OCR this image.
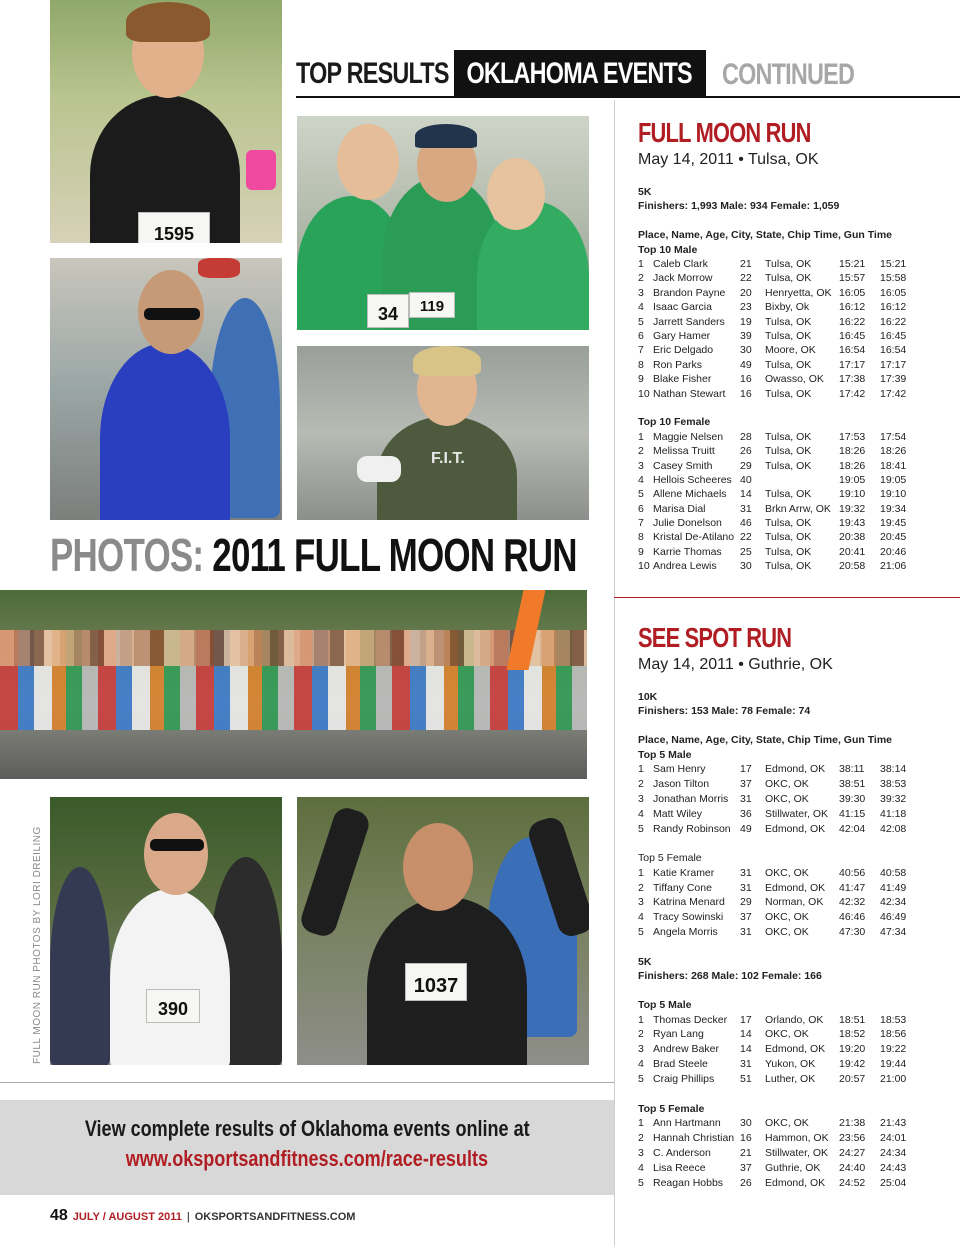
TOP RESULTS OKLAHOMA EVENTS CONTINUED
1595
34	119
F.I.T.
390
1037
PHOTOS: 2011 FULL MOON RUN
FULL MOON RUN PHOTOS BY LORI DREILING
View complete results of Oklahoma events online at
www.oksportsandfitness.com/race-results
48 JULY / AUGUST 2011 | OKSPORTSANDFITNESS.COM
FULL MOON RUN
May 14, 2011 • Tulsa, OK
5K
Finishers: 1,993 Male: 934 Female: 1,059
Place, Name, Age, City, State, Chip Time, Gun Time
Top 10 Male
1 Caleb Clark	21 Tulsa, OK	15:21 15:21
2 Jack Morrow	22 Tulsa, OK	15:57 15:58
3 Brandon Payne 20 Henryetta, OK 16:05 16:05
4 Isaac Garcia	23 Bixby, Ok	16:12 16:12
5 Jarrett Sanders 19 Tulsa, OK	16:22 16:22
6 Gary Hamer	39 Tulsa, OK	16:45 16:45
7 Eric Delgado	30 Moore, OK 16:54 16:54
8 Ron Parks	49 Tulsa, OK	17:17 17:17
9 Blake Fisher	16 Owasso, OK 17:38 17:39
10 Nathan Stewart 16 Tulsa, OK	17:42 17:42
Top 10 Female
1 Maggie Nelsen 28 Tulsa, OK	17:53 17:54
2 Melissa Truitt 26 Tulsa, OK	18:26 18:26
3 Casey Smith	29 Tulsa, OK	18:26 18:41
4 Hellois Scheeres 40	19:05 19:05
5 Allene Michaels 14 Tulsa, OK	19:10 19:10
6 Marisa Dial	31 Brkn Arrw, OK 19:32 19:34
7 Julie Donelson 46 Tulsa, OK	19:43 19:45
8 Kristal De-Atilano 22 Tulsa, OK	20:38 20:45
9 Karrie Thomas 25 Tulsa, OK	20:41 20:46
10 Andrea Lewis 30 Tulsa, OK	20:58 21:06
SEE SPOT RUN
May 14, 2011 • Guthrie, OK
10K
Finishers: 153 Male: 78 Female: 74
Place, Name, Age, City, State, Chip Time, Gun Time
Top 5 Male
1 Sam Henry	17 Edmond, OK 38:11 38:14
2 Jason Tilton	37 OKC, OK	38:51 38:53
3 Jonathan Morris 31 OKC, OK	39:30 39:32
4 Matt Wiley	36 Stillwater, OK 41:15 41:18
5 Randy Robinson 49 Edmond, OK 42:04 42:08
Top 5 Female
1 Katie Kramer 31 OKC, OK	40:56 40:58
2 Tiffany Cone	31 Edmond, OK 41:47 41:49
3 Katrina Menard 29 Norman, OK 42:32 42:34
4 Tracy Sowinski 37 OKC, OK	46:46 46:49
5 Angela Morris 31 OKC, OK	47:30 47:34
5K
Finishers: 268 Male: 102 Female: 166
Top 5 Male
1 Thomas Decker 17 Orlando, OK 18:51 18:53
2 Ryan Lang	14 OKC, OK	18:52 18:56
3 Andrew Baker 14 Edmond, OK 19:20 19:22
4 Brad Steele	31 Yukon, OK 19:42 19:44
5 Craig Phillips 51 Luther, OK 20:57 21:00
Top 5 Female
1 Ann Hartmann 30 OKC, OK	21:38 21:43
2 Hannah Christian 16 Hammon, OK 23:56 24:01
3 C. Anderson	21 Stillwater, OK 24:27 24:34
4 Lisa Reece	37 Guthrie, OK 24:40 24:43
5 Reagan Hobbs 26 Edmond, OK 24:52 25:04
